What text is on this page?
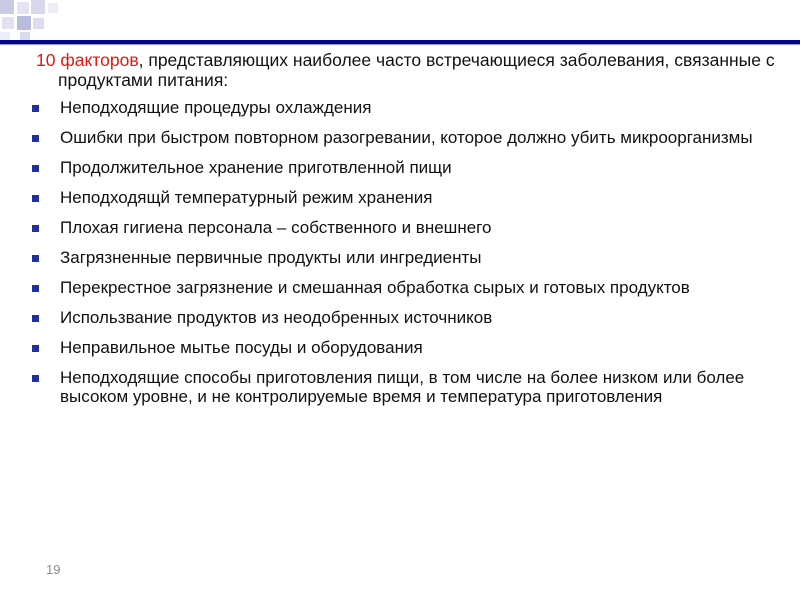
10 факторов, представляющих наиболее часто встречающиеся заболевания, связанные с продуктами питания:
Неподходящие процедуры охлаждения
Ошибки при быстром повторном разогревании, которое должно убить микроорганизмы
Продолжительное хранение приготвленной пищи
Неподходящй температурный режим хранения
Плохая гигиена персонала – собственного и внешнего
Загрязненные первичные продукты или ингредиенты
Перекрестное загрязнение и смешанная обработка сырых и готовых продуктов
Использвание продуктов из неодобренных источников
Неправильное мытье посуды и оборудования
Неподходящие способы приготовления пищи, в том числе на более низком или более высоком уровне, и не контролируемые время и температура приготовления
19
